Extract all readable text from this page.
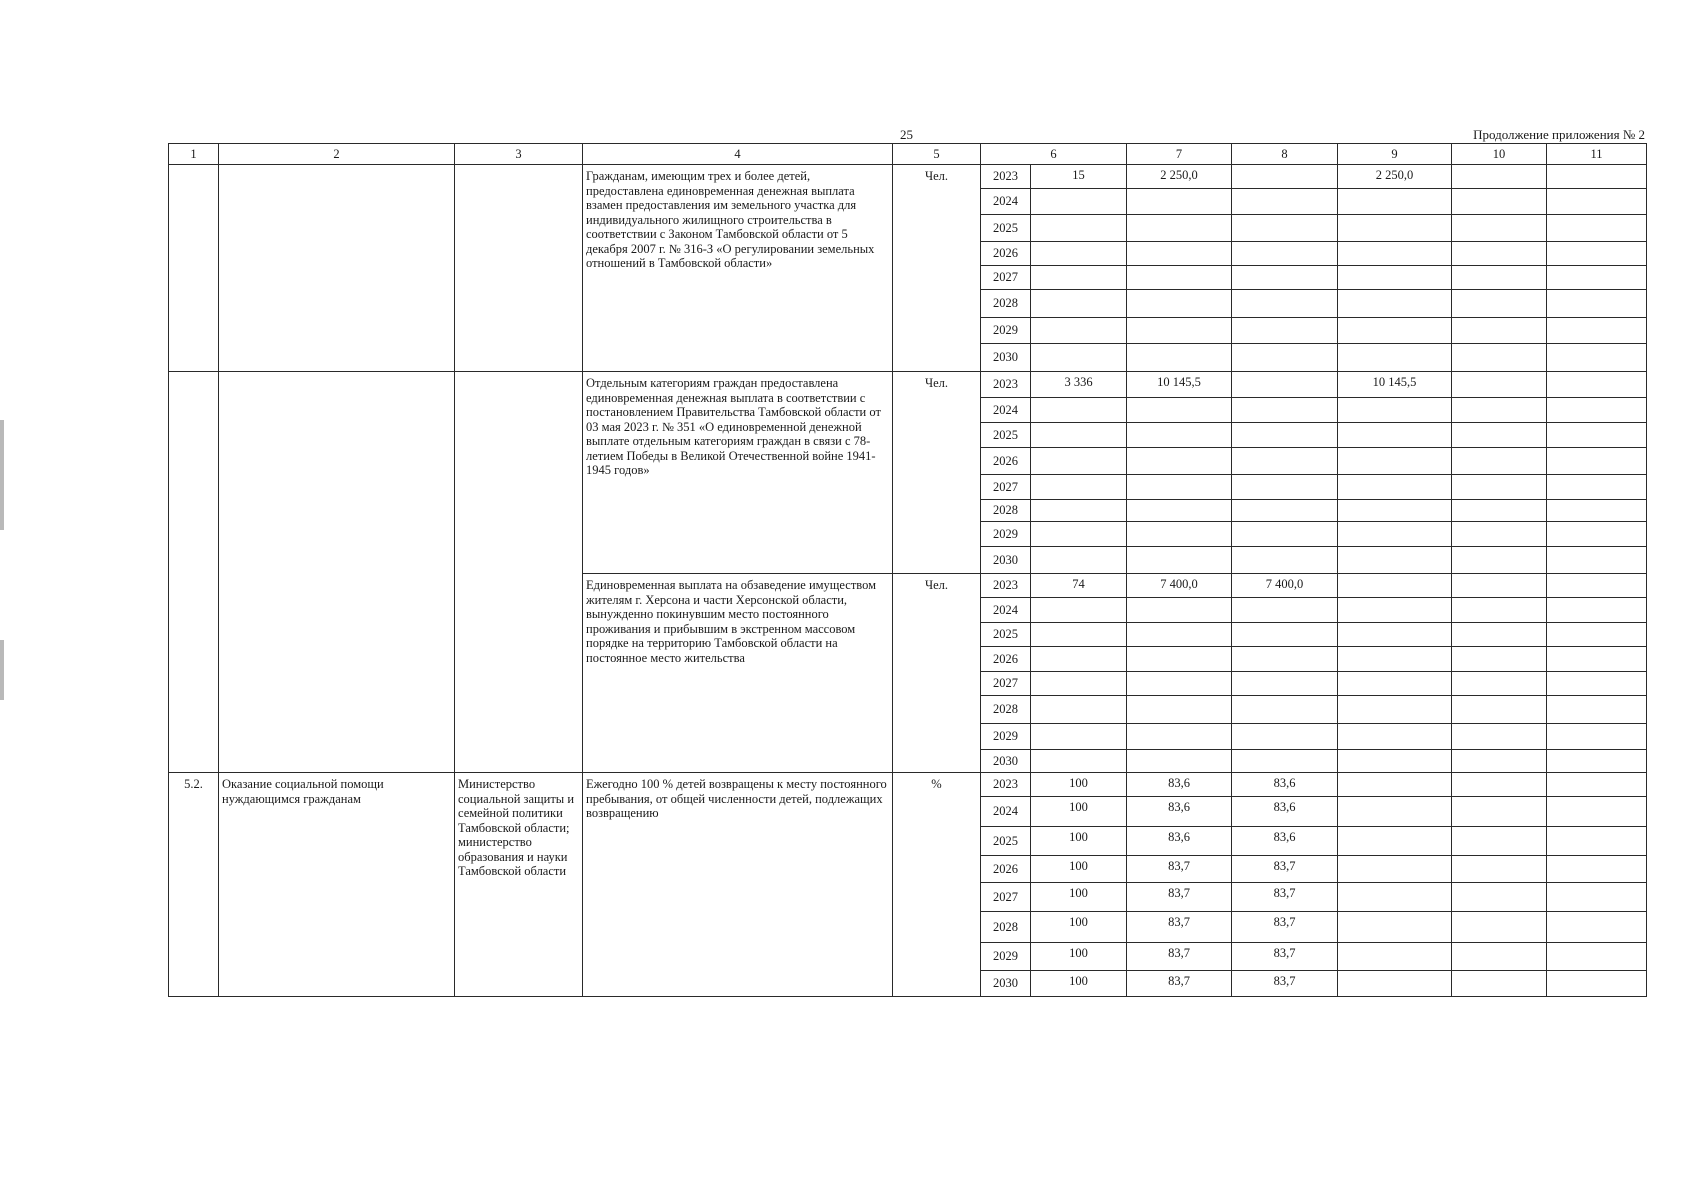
25	Продолжение приложения № 2
1	2	3	4	5	6		7	8	9	10	11
			Гражданам, имеющим трех и более детей, предоставлена единовременная денежная выплата взамен предоставления им земельного участка для индивидуального жилищного строительства в соответствии с Законом Тамбовской области от 5 декабря 2007 г. № 316-З «О регулировании земельных отношений в Тамбовской области»	Чел.	2023	15	2 250,0		2 250,0		
					2024						
					2025						
					2026						
					2027						
					2028						
					2029						
					2030						
			Отдельным категориям граждан предоставлена единовременная денежная выплата в соответствии с постановлением Правительства Тамбовской области от 03 мая 2023 г. № 351 «О единовременной денежной выплате отдельным категориям граждан в связи с 78-летием Победы в Великой Отечественной войне 1941-1945 годов»	Чел.	2023	3 336	10 145,5		10 145,5		
					2024						
					2025						
					2026						
					2027						
					2028						
					2029						
					2030						
			Единовременная выплата на обзаведение имуществом жителям г. Херсона и части Херсонской области, вынужденно покинувшим место постоянного проживания и прибывшим в экстренном массовом порядке на территорию Тамбовской области на постоянное место жительства	Чел.	2023	74	7 400,0	7 400,0			
					2024						
					2025						
					2026						
					2027						
					2028						
					2029						
					2030						
5.2.	Оказание социальной помощи нуждающимся гражданам	Министерство социальной защиты и семейной политики Тамбовской области; министерство образования и науки Тамбовской области	Ежегодно 100 % детей возвращены к месту постоянного пребывания, от общей численности детей, подлежащих возвращению	%	2023	100	83,6	83,6			
					2024	100	83,6	83,6			
					2025	100	83,6	83,6			
					2026	100	83,7	83,7			
					2027	100	83,7	83,7			
					2028	100	83,7	83,7			
					2029	100	83,7	83,7			
					2030	100	83,7	83,7			
